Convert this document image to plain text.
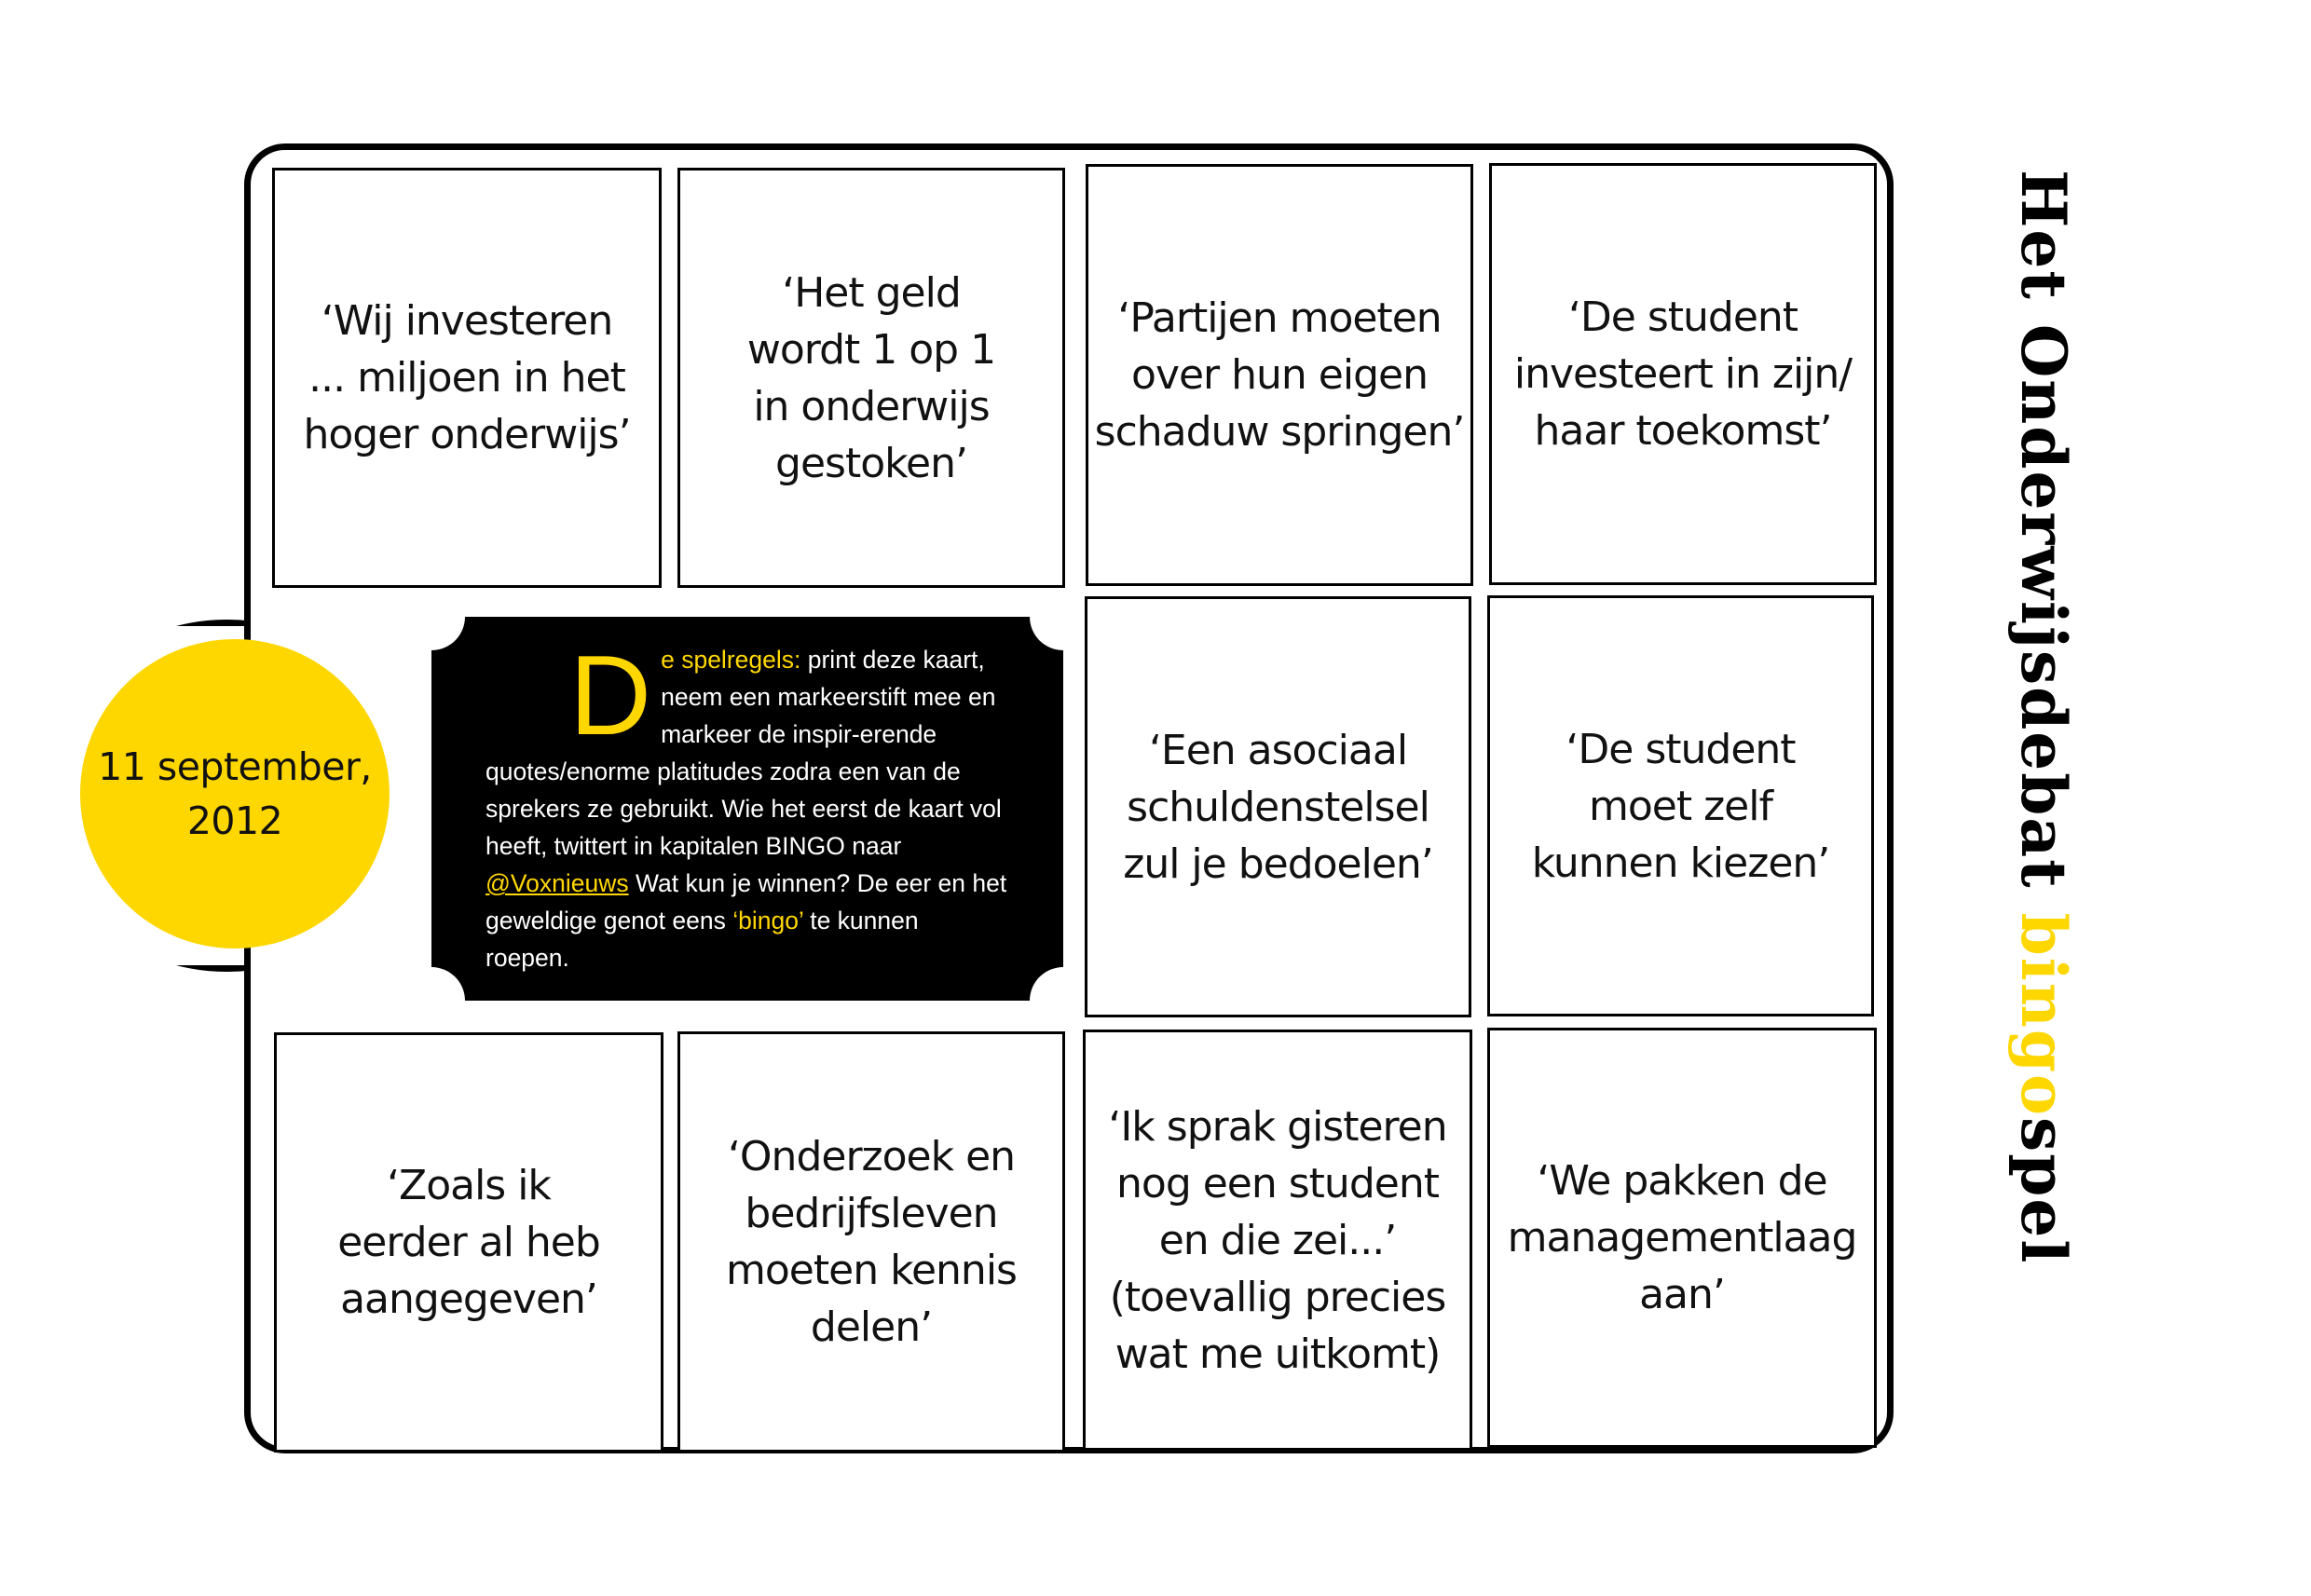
11 september,
2012
‘Wij investeren
... miljoen in het
hoger onderwijs’
‘Het geld
wordt 1 op 1
in onderwijs
gestoken’
‘Partijen moeten
over hun eigen
schaduw springen’
‘De student
investeert in zijn/
haar toekomst’
De spelregels: print deze kaart, neem een markeerstift mee en markeer de inspir-erende quotes/enorme platitudes zodra een van de sprekers ze gebruikt. Wie het eerst de kaart vol heeft, twittert in kapitalen BINGO naar @Voxnieuws Wat kun je winnen? De eer en het geweldige genot eens ‘bingo’ te kunnen roepen.
‘Een asociaal
schuldenstelsel
zul je bedoelen’
‘De student
moet zelf
kunnen kiezen’
‘Zoals ik
eerder al heb
aangegeven’
‘Onderzoek en
bedrijfsleven
moeten kennis
delen’
‘Ik sprak gisteren
nog een student
en die zei...’
(toevallig precies
wat me uitkomt)
‘We pakken de
managementlaag
aan’
Het Onderwijsdebat bingospel
